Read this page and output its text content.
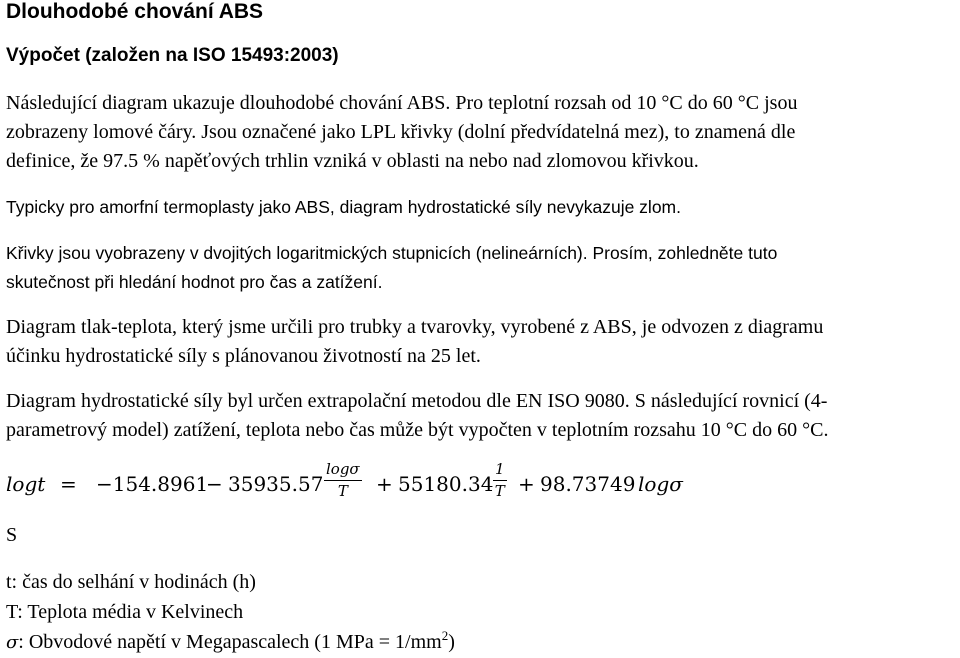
Dlouhodobé chování ABS
Výpočet (založen na ISO 15493:2003)

Následující diagram ukazuje dlouhodobé chování ABS. Pro teplotní rozsah od 10 °C do 60 °C jsou
zobrazeny lomové čáry. Jsou označené jako LPL křivky (dolní předvídatelná mez), to znamená dle
definice, že 97.5 % napěťových trhlin vzniká v oblasti na nebo nad zlomovou křivkou.

Typicky pro amorfní termoplasty jako ABS, diagram hydrostatické síly nevykazuje zlom.

Křivky jsou vyobrazeny v dvojitých logaritmických stupnicích (nelineárních). Prosím, zohledněte tuto
skutečnost při hledání hodnot pro čas a zatížení.

Diagram tlak-teplota, který jsme určili pro trubky a tvarovky, vyrobené z ABS, je odvozen z diagramu
účinku hydrostatické síly s plánovanou životností na 25 let.

Diagram hydrostatické síly byl určen extrapolační metodou dle EN ISO 9080. S následující rovnicí (4-
parametrový model) zatížení, teplota nebo čas může být vypočten v teplotním rozsahu 10 °C do 60 °C.

logt = −154.8961
− 35935.57
logσ
T	+ 55180.34
1
T + 98.73749 logσ
S
t: čas do selhání v hodinách (h)
T: Teplota média v Kelvinech
σ: Obvodové napětí v Megapascalech (1 MPa = $1/mm^2$)
